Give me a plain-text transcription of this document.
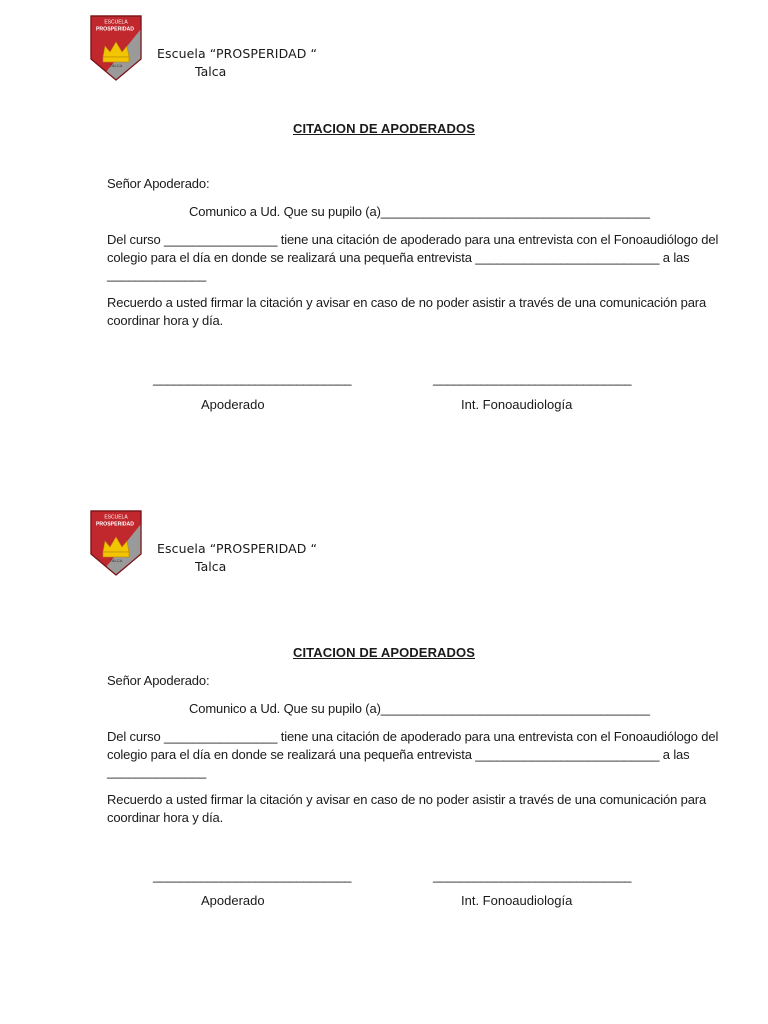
ESCUELA
PROSPERIDAD
TALCA
Escuela “PROSPERIDAD “
Talca
CITACION DE APODERADOS
Señor Apoderado:
Comunico a Ud. Que su pupilo (a)______________________________________
Del curso ________________ tiene una citación de apoderado para una entrevista con el Fonoaudiólogo del
colegio para el día en donde se realizará una pequeña entrevista __________________________ a las
______________
Recuerdo a usted firmar la citación y avisar en caso de no poder asistir a través de una comunicación para
coordinar hora y día.
_____________________________	_____________________________
Apoderado	Int. Fonoaudiología
ESCUELA
PROSPERIDAD
TALCA
Escuela “PROSPERIDAD “
Talca
CITACION DE APODERADOS
Señor Apoderado:
Comunico a Ud. Que su pupilo (a)______________________________________
Del curso ________________ tiene una citación de apoderado para una entrevista con el Fonoaudiólogo del
colegio para el día en donde se realizará una pequeña entrevista __________________________ a las
______________
Recuerdo a usted firmar la citación y avisar en caso de no poder asistir a través de una comunicación para
coordinar hora y día.
_____________________________	_____________________________
Apoderado	Int. Fonoaudiología
